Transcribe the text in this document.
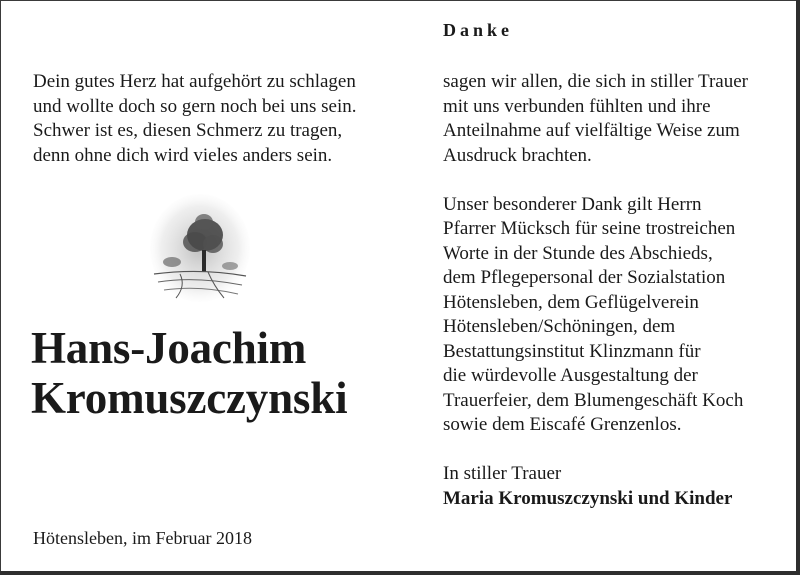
Dein gutes Herz hat aufgehört zu schlagen
und wollte doch so gern noch bei uns sein.
Schwer ist es, diesen Schmerz zu tragen,
denn ohne dich wird vieles anders sein.
Hans-Joachim
Kromuszczynski
Hötensleben, im Februar 2018
Danke
sagen wir allen, die sich in stiller Trauer
mit uns verbunden fühlten und ihre
Anteilnahme auf vielfältige Weise zum
Ausdruck brachten.
Unser besonderer Dank gilt Herrn
Pfarrer Mücksch für seine trostreichen
Worte in der Stunde des Abschieds,
dem Pflegepersonal der Sozialstation
Hötensleben, dem Geflügelverein
Hötensleben/Schöningen, dem
Bestattungsinstitut Klinzmann für
die würdevolle Ausgestaltung der
Trauerfeier, dem Blumengeschäft Koch
sowie dem Eiscafé Grenzenlos.
In stiller Trauer
Maria Kromuszczynski und Kinder
